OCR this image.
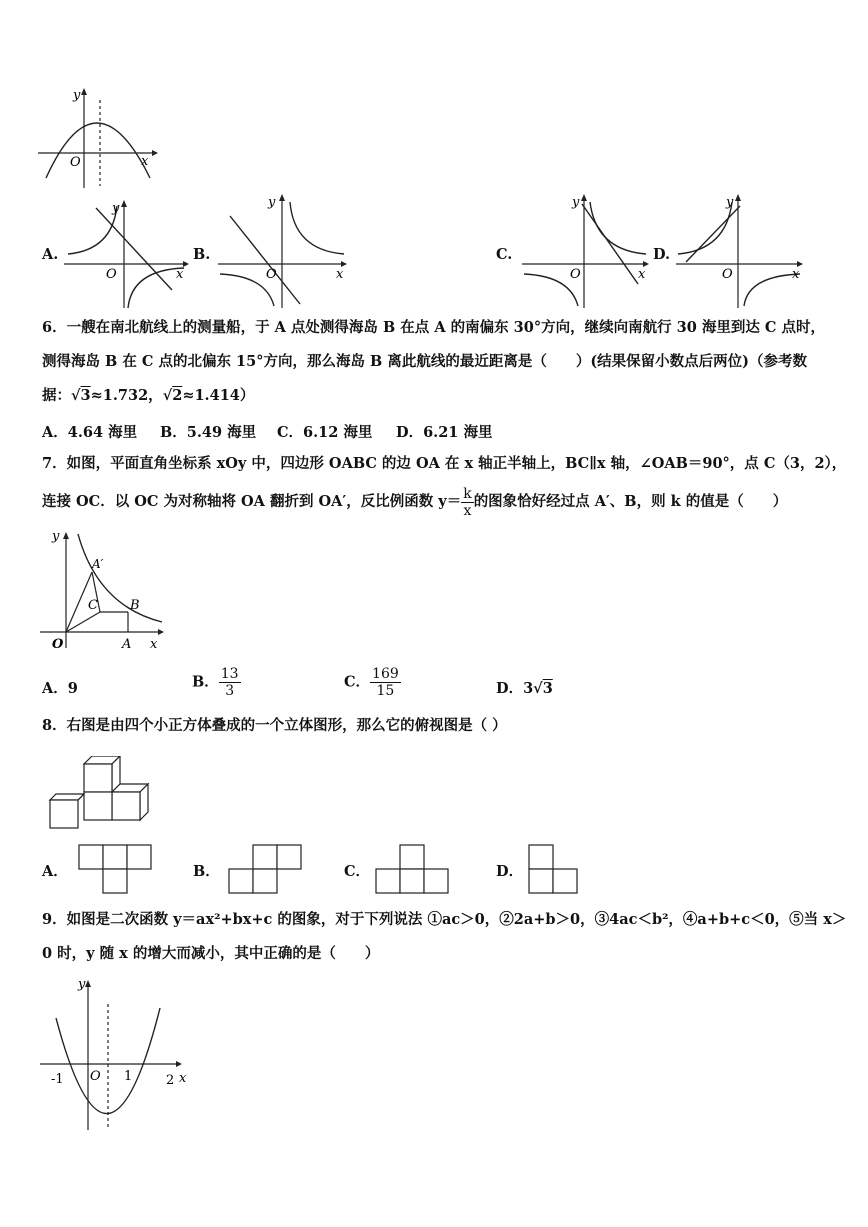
O
y
x
A.
O
y
x
B.
O
y
x
C.
O
y
x
D.
O
y
x
6．一艘在南北航线上的测量船，于 A 点处测得海岛 B 在点 A 的南偏东 30°方向，继续向南航行 30 海里到达 C 点时，
测得海岛 B 在 C 点的北偏东 15°方向，那么海岛 B 离此航线的最近距离是（　　）(结果保留小数点后两位)（参考数
据：√3≈1.732，√2≈1.414）
A．4.64 海里 B．5.49 海里 C．6.12 海里 D．6.21 海里
7．如图，平面直角坐标系 xOy 中，四边形 OABC 的边 OA 在 x 轴正半轴上，BC∥x 轴，∠OAB＝90°，点 C（3，2），
连接 OC．以 OC 为对称轴将 OA 翻折到 OA′，反比例函数 $y= \frac{k}{x}$ 的图象恰好经过点 A′、B，则 k 的值是（　　）
y
x
O
A′
C B
A
A．9	B． $\frac{13}{3}$	C． $\frac{169}{15}$	D．3√3
8．右图是由四个小正方体叠成的一个立体图形，那么它的俯视图是（ ）
A．	B．	C．	D．
9．如图是二次函数 y＝ax²+bx+c 的图象，对于下列说法 ①ac＞0，②2a+b＞0，③4ac＜b²，④a+b+c＜0，⑤当 x＞
0 时，y 随 x 的增大而减小，其中正确的是（　　）
y
x
O
-1	1	2
